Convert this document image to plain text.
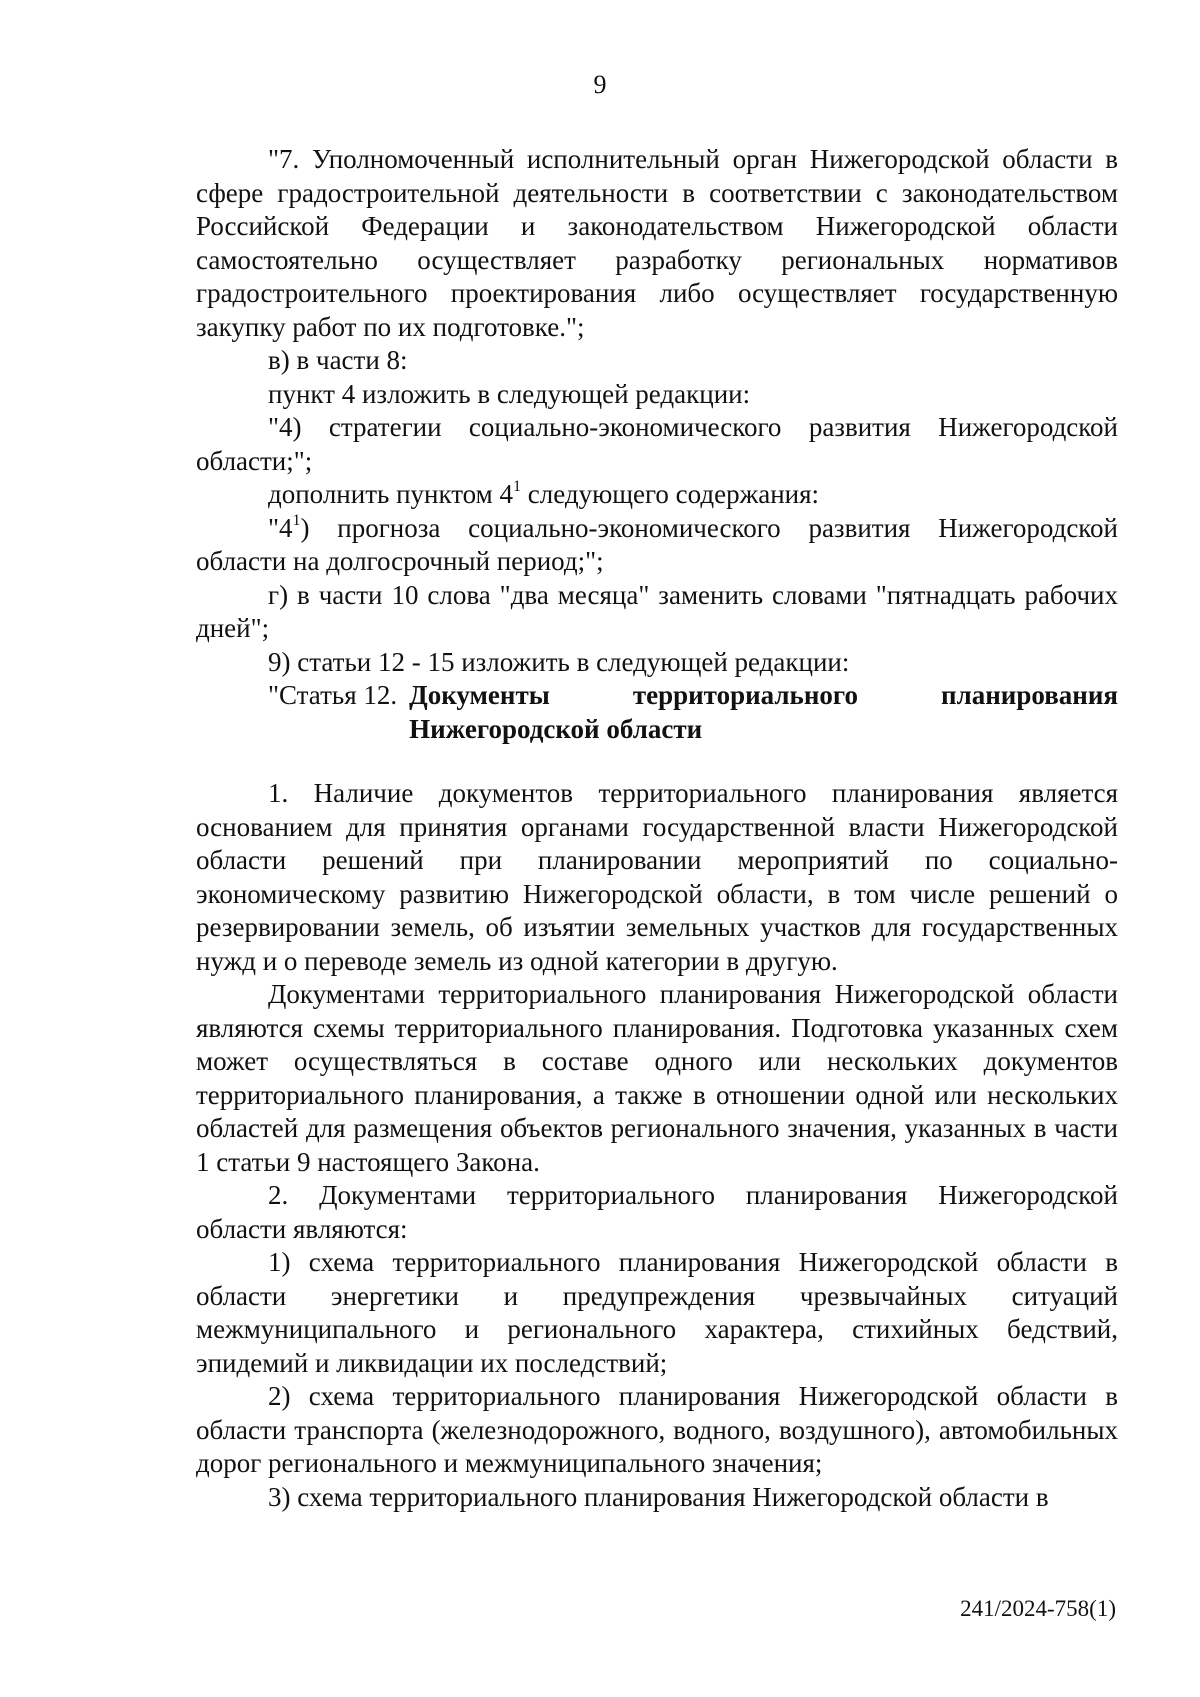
9

"7. Уполномоченный исполнительный орган Нижегородской области в сфере градостроительной деятельности в соответствии с законодательством Российской Федерации и законодательством Нижегородской области самостоятельно осуществляет разработку региональных нормативов градостроительного проектирования либо осуществляет государственную закупку работ по их подготовке.";

в) в части 8:

пункт 4 изложить в следующей редакции:

"4) стратегии социально-экономического развития Нижегородской области;";

дополнить пунктом $4^1$ следующего содержания:

"$4^1$) прогноза социально-экономического развития Нижегородской области на долгосрочный период;";

г) в части 10 слова "два месяца" заменить словами "пятнадцать рабочих дней";

9) статьи 12 - 15 изложить в следующей редакции:

"Статья 12. Документы территориального планирования
Нижегородской области

1. Наличие документов территориального планирования является основанием для принятия органами государственной власти Нижегородской области решений при планировании мероприятий по социально-экономическому развитию Нижегородской области, в том числе решений о резервировании земель, об изъятии земельных участков для государственных нужд и о переводе земель из одной категории в другую.

Документами территориального планирования Нижегородской области являются схемы территориального планирования. Подготовка указанных схем может осуществляться в составе одного или нескольких документов территориального планирования, а также в отношении одной или нескольких областей для размещения объектов регионального значения, указанных в части 1 статьи 9 настоящего Закона.

2. Документами территориального планирования Нижегородской области являются:

1) схема территориального планирования Нижегородской области в области энергетики и предупреждения чрезвычайных ситуаций межмуниципального и регионального характера, стихийных бедствий, эпидемий и ликвидации их последствий;

2) схема территориального планирования Нижегородской области в области транспорта (железнодорожного, водного, воздушного), автомобильных дорог регионального и межмуниципального значения;

3) схема территориального планирования Нижегородской области в

241/2024-758(1)
